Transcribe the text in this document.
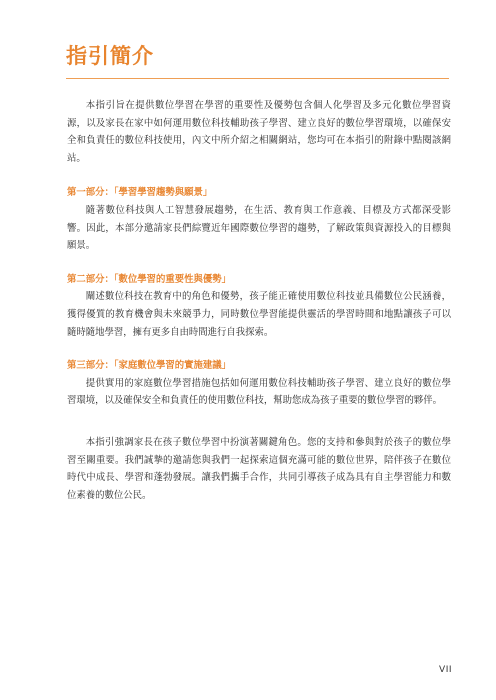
指引簡介

本指引旨在提供數位學習在學習的重要性及優勢包含個人化學習及多元化數位學習資源，以及家長在家中如何運用數位科技輔助孩子學習、建立良好的數位學習環境，以確保安全和負責任的數位科技使用，內文中所介紹之相關網站，您均可在本指引的附錄中點閱該網站。

第一部分：「學習學習趨勢與願景」

隨著數位科技與人工智慧發展趨勢，在生活、教育與工作意義、目標及方式都深受影響。因此，本部分邀請家長們綜覽近年國際數位學習的趨勢，了解政策與資源投入的目標與願景。

第二部分：「數位學習的重要性與優勢」

闡述數位科技在教育中的角色和優勢，孩子能正確使用數位科技並具備數位公民涵養，獲得優質的教育機會與未來競爭力，同時數位學習能提供靈活的學習時間和地點讓孩子可以隨時隨地學習，擁有更多自由時間進行自我探索。

第三部分：「家庭數位學習的實施建議」

提供實用的家庭數位學習措施包括如何運用數位科技輔助孩子學習、建立良好的數位學習環境，以及確保安全和負責任的使用數位科技，幫助您成為孩子重要的數位學習的夥伴。

本指引強調家長在孩子數位學習中扮演著關鍵角色。您的支持和參與對於孩子的數位學習至關重要。我們誠摯的邀請您與我們一起探索這個充滿可能的數位世界，陪伴孩子在數位時代中成長、學習和蓬勃發展。讓我們攜手合作，共同引導孩子成為具有自主學習能力和數位素養的數位公民。

VII
